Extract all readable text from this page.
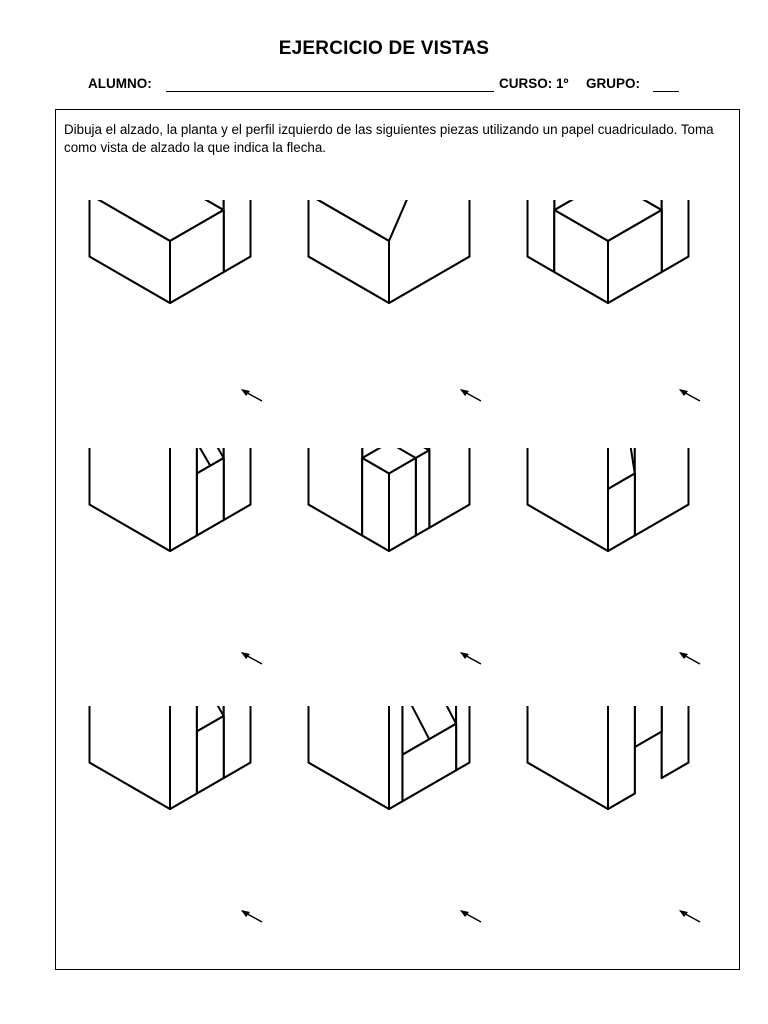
EJERCICIO DE VISTAS
ALUMNO:	CURSO: 1º GRUPO:
Dibuja el alzado, la planta y el perfil izquierdo de las siguientes piezas utilizando un papel cuadriculado. Toma como vista de alzado la que indica la flecha.
